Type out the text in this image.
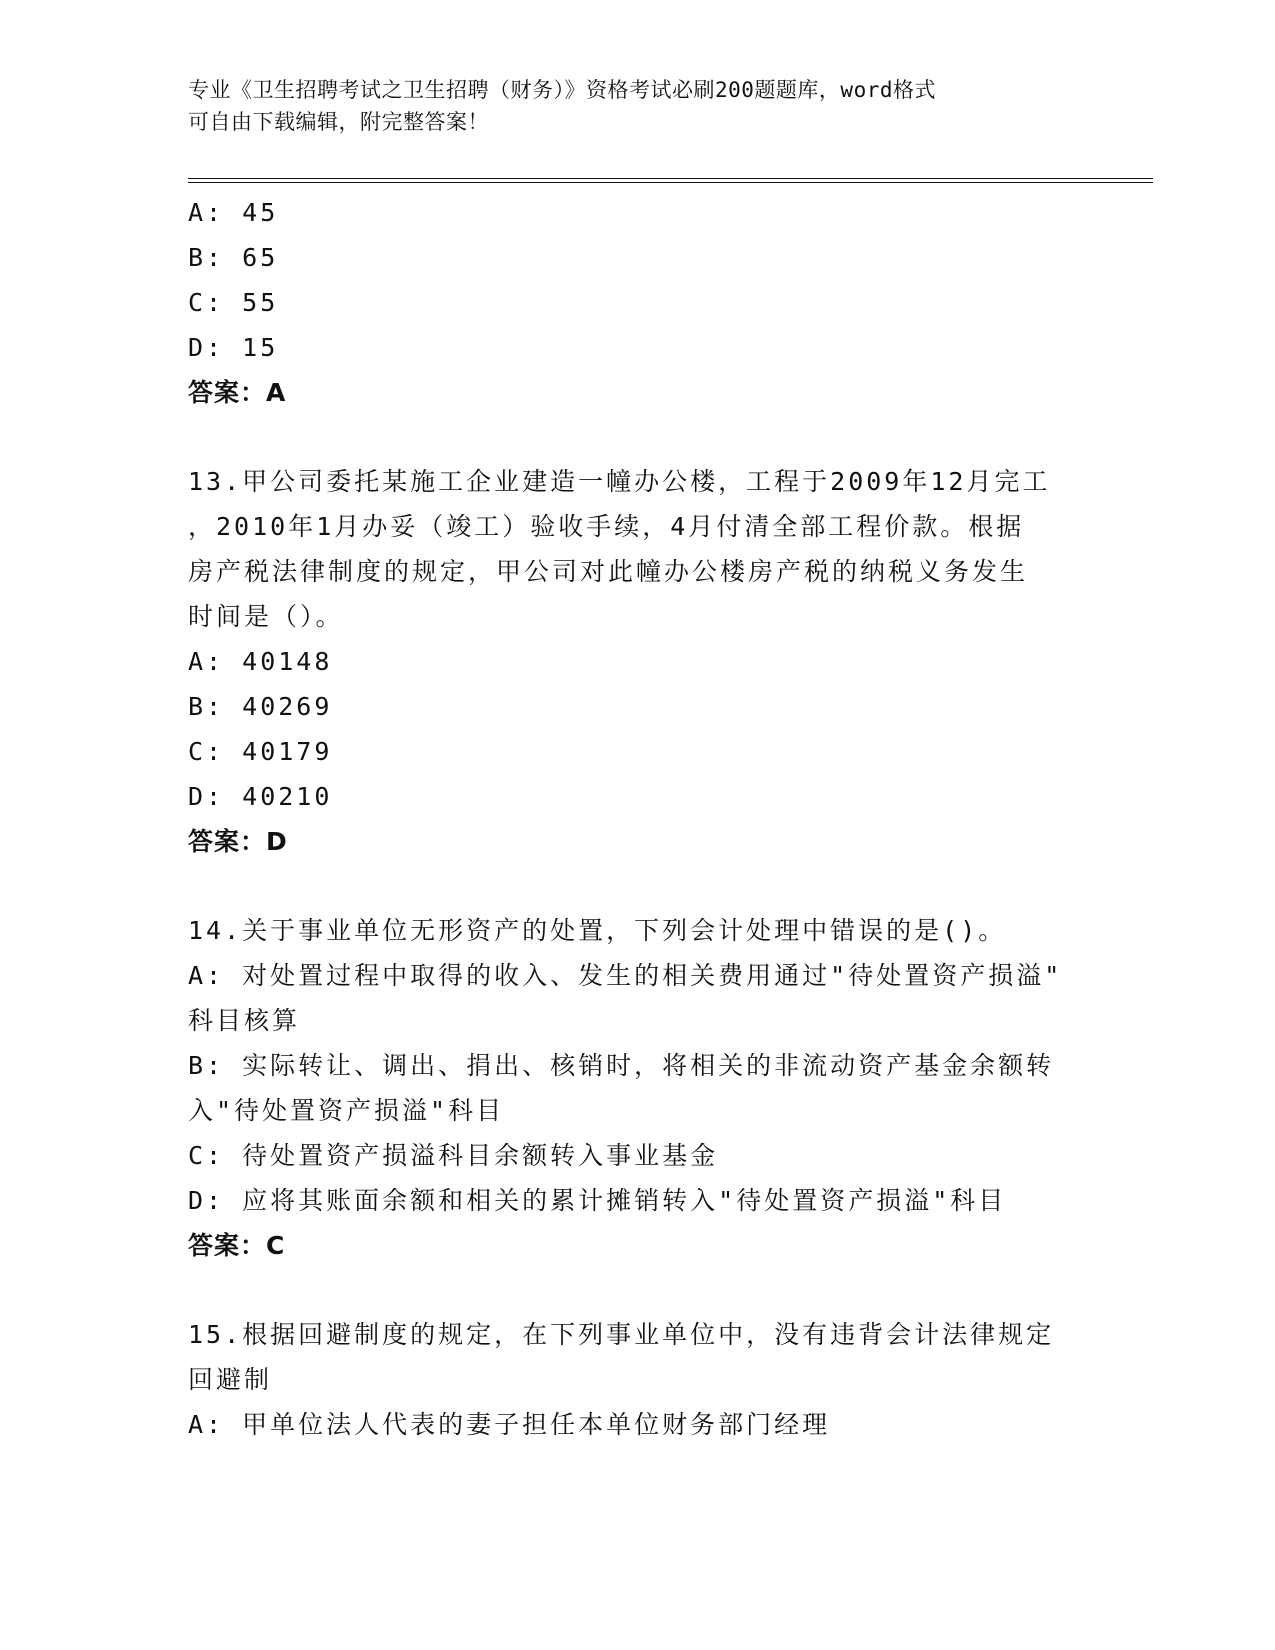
专业《卫生招聘考试之卫生招聘（财务）》资格考试必刷200题题库，word格式
可自由下载编辑，附完整答案！
A: 45
B: 65
C: 55
D: 15
答案：A
13.甲公司委托某施工企业建造一幢办公楼，工程于2009年12月完工
，2010年1月办妥（竣工）验收手续，4月付清全部工程价款。根据
房产税法律制度的规定，甲公司对此幢办公楼房产税的纳税义务发生
时间是（）。
A: 40148
B: 40269
C: 40179
D: 40210
答案：D
14.关于事业单位无形资产的处置，下列会计处理中错误的是()。
A: 对处置过程中取得的收入、发生的相关费用通过"待处置资产损溢"
科目核算
B: 实际转让、调出、捐出、核销时，将相关的非流动资产基金余额转
入"待处置资产损溢"科目
C: 待处置资产损溢科目余额转入事业基金
D: 应将其账面余额和相关的累计摊销转入"待处置资产损溢"科目
答案：C
15.根据回避制度的规定，在下列事业单位中，没有违背会计法律规定
回避制
A: 甲单位法人代表的妻子担任本单位财务部门经理
